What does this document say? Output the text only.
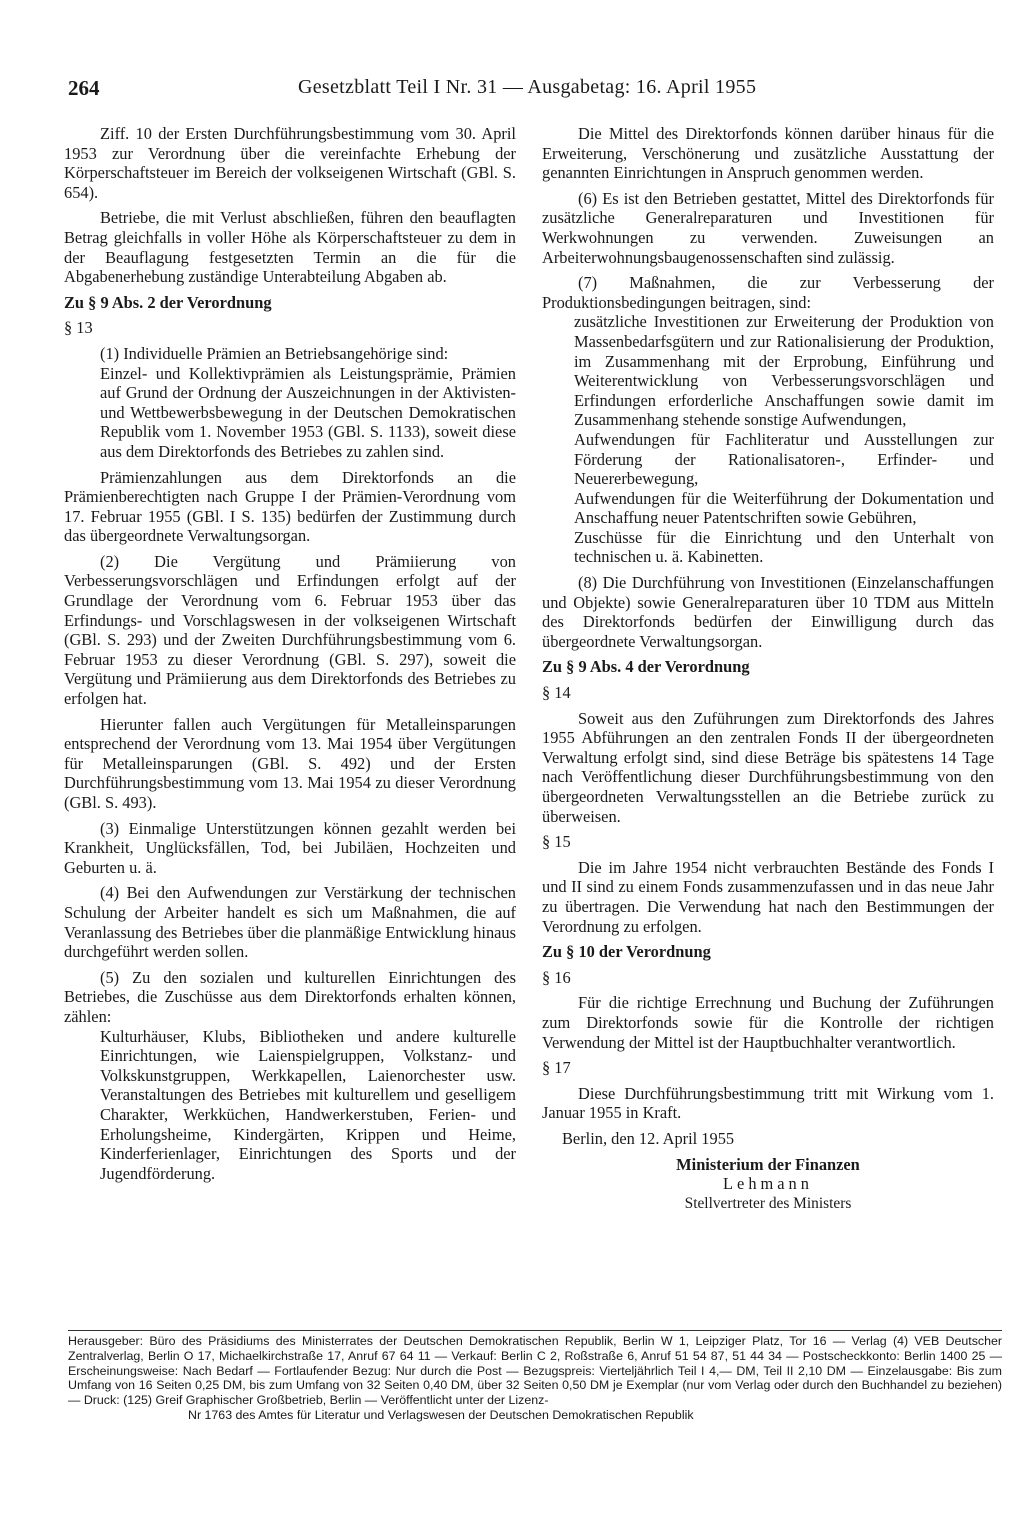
264	Gesetzblatt Teil I Nr. 31 — Ausgabetag: 16. April 1955

Ziff. 10 der Ersten Durchführungsbestimmung vom 30. April 1953 zur Verordnung über die vereinfachte Erhebung der Körperschaftsteuer im Bereich der volkseigenen Wirtschaft (GBl. S. 654).

Betriebe, die mit Verlust abschließen, führen den beauflagten Betrag gleichfalls in voller Höhe als Körperschaftsteuer zu dem in der Beauflagung festgesetzten Termin an die für die Abgabenerhebung zuständige Unterabteilung Abgaben ab.

Zu § 9 Abs. 2 der Verordnung

§ 13

(1) Individuelle Prämien an Betriebsangehörige sind:

Einzel- und Kollektivprämien als Leistungsprämie, Prämien auf Grund der Ordnung der Auszeichnungen in der Aktivisten- und Wettbewerbsbewegung in der Deutschen Demokratischen Republik vom 1. November 1953 (GBl. S. 1133), soweit diese aus dem Direktorfonds des Betriebes zu zahlen sind.

Prämienzahlungen aus dem Direktorfonds an die Prämienberechtigten nach Gruppe I der Prämien-Verordnung vom 17. Februar 1955 (GBl. I S. 135) bedürfen der Zustimmung durch das übergeordnete Verwaltungsorgan.

(2) Die Vergütung und Prämiierung von Verbesserungsvorschlägen und Erfindungen erfolgt auf der Grundlage der Verordnung vom 6. Februar 1953 über das Erfindungs- und Vorschlagswesen in der volkseigenen Wirtschaft (GBl. S. 293) und der Zweiten Durchführungsbestimmung vom 6. Februar 1953 zu dieser Verordnung (GBl. S. 297), soweit die Vergütung und Prämiierung aus dem Direktorfonds des Betriebes zu erfolgen hat.

Hierunter fallen auch Vergütungen für Metalleinsparungen entsprechend der Verordnung vom 13. Mai 1954 über Vergütungen für Metalleinsparungen (GBl. S. 492) und der Ersten Durchführungsbestimmung vom 13. Mai 1954 zu dieser Verordnung (GBl. S. 493).

(3) Einmalige Unterstützungen können gezahlt werden bei Krankheit, Unglücksfällen, Tod, bei Jubiläen, Hochzeiten und Geburten u. ä.

(4) Bei den Aufwendungen zur Verstärkung der technischen Schulung der Arbeiter handelt es sich um Maßnahmen, die auf Veranlassung des Betriebes über die planmäßige Entwicklung hinaus durchgeführt werden sollen.

(5) Zu den sozialen und kulturellen Einrichtungen des Betriebes, die Zuschüsse aus dem Direktorfonds erhalten können, zählen:

Kulturhäuser, Klubs, Bibliotheken und andere kulturelle Einrichtungen, wie Laienspielgruppen, Volkstanz- und Volkskunstgruppen, Werkkapellen, Laienorchester usw. Veranstaltungen des Betriebes mit kulturellem und geselligem Charakter, Werkküchen, Handwerkerstuben, Ferien- und Erholungsheime, Kindergärten, Krippen und Heime, Kinderferienlager, Einrichtungen des Sports und der Jugendförderung.

Die Mittel des Direktorfonds können darüber hinaus für die Erweiterung, Verschönerung und zusätzliche Ausstattung der genannten Einrichtungen in Anspruch genommen werden.

(6) Es ist den Betrieben gestattet, Mittel des Direktorfonds für zusätzliche Generalreparaturen und Investitionen für Werkwohnungen zu verwenden. Zuweisungen an Arbeiterwohnungsbaugenossenschaften sind zulässig.

(7) Maßnahmen, die zur Verbesserung der Produktionsbedingungen beitragen, sind:

zusätzliche Investitionen zur Erweiterung der Produktion von Massenbedarfsgütern und zur Rationalisierung der Produktion, im Zusammenhang mit der Erprobung, Einführung und Weiterentwicklung von Verbesserungsvorschlägen und Erfindungen erforderliche Anschaffungen sowie damit im Zusammenhang stehende sonstige Aufwendungen,

Aufwendungen für Fachliteratur und Ausstellungen zur Förderung der Rationalisatoren-, Erfinder- und Neuererbewegung,

Aufwendungen für die Weiterführung der Dokumentation und Anschaffung neuer Patentschriften sowie Gebühren,

Zuschüsse für die Einrichtung und den Unterhalt von technischen u. ä. Kabinetten.

(8) Die Durchführung von Investitionen (Einzelanschaffungen und Objekte) sowie Generalreparaturen über 10 TDM aus Mitteln des Direktorfonds bedürfen der Einwilligung durch das übergeordnete Verwaltungsorgan.

Zu § 9 Abs. 4 der Verordnung

§ 14

Soweit aus den Zuführungen zum Direktorfonds des Jahres 1955 Abführungen an den zentralen Fonds II der übergeordneten Verwaltung erfolgt sind, sind diese Beträge bis spätestens 14 Tage nach Veröffentlichung dieser Durchführungsbestimmung von den übergeordneten Verwaltungsstellen an die Betriebe zurück zu überweisen.

§ 15

Die im Jahre 1954 nicht verbrauchten Bestände des Fonds I und II sind zu einem Fonds zusammenzufassen und in das neue Jahr zu übertragen. Die Verwendung hat nach den Bestimmungen der Verordnung zu erfolgen.

Zu § 10 der Verordnung

§ 16

Für die richtige Errechnung und Buchung der Zuführungen zum Direktorfonds sowie für die Kontrolle der richtigen Verwendung der Mittel ist der Hauptbuchhalter verantwortlich.

§ 17

Diese Durchführungsbestimmung tritt mit Wirkung vom 1. Januar 1955 in Kraft.

Berlin, den 12. April 1955

Ministerium der Finanzen
Lehmann
Stellvertreter des Ministers
Herausgeber: Büro des Präsidiums des Ministerrates der Deutschen Demokratischen Republik, Berlin W 1, Leipziger Platz, Tor 16 — Verlag (4) VEB Deutscher Zentralverlag, Berlin O 17, Michaelkirchstraße 17, Anruf 67 64 11 — Verkauf: Berlin C 2, Roßstraße 6, Anruf 51 54 87, 51 44 34 — Postscheckkonto: Berlin 1400 25 — Erscheinungsweise: Nach Bedarf — Fortlaufender Bezug: Nur durch die Post — Bezugspreis: Vierteljährlich Teil I 4,— DM, Teil II 2,10 DM — Einzelausgabe: Bis zum Umfang von 16 Seiten 0,25 DM, bis zum Umfang von 32 Seiten 0,40 DM, über 32 Seiten 0,50 DM je Exemplar (nur vom Verlag oder durch den Buchhandel zu beziehen) — Druck: (125) Greif Graphischer Großbetrieb, Berlin — Veröffentlicht unter der Lizenz-
Nr 1763 des Amtes für Literatur und Verlagswesen der Deutschen Demokratischen Republik
